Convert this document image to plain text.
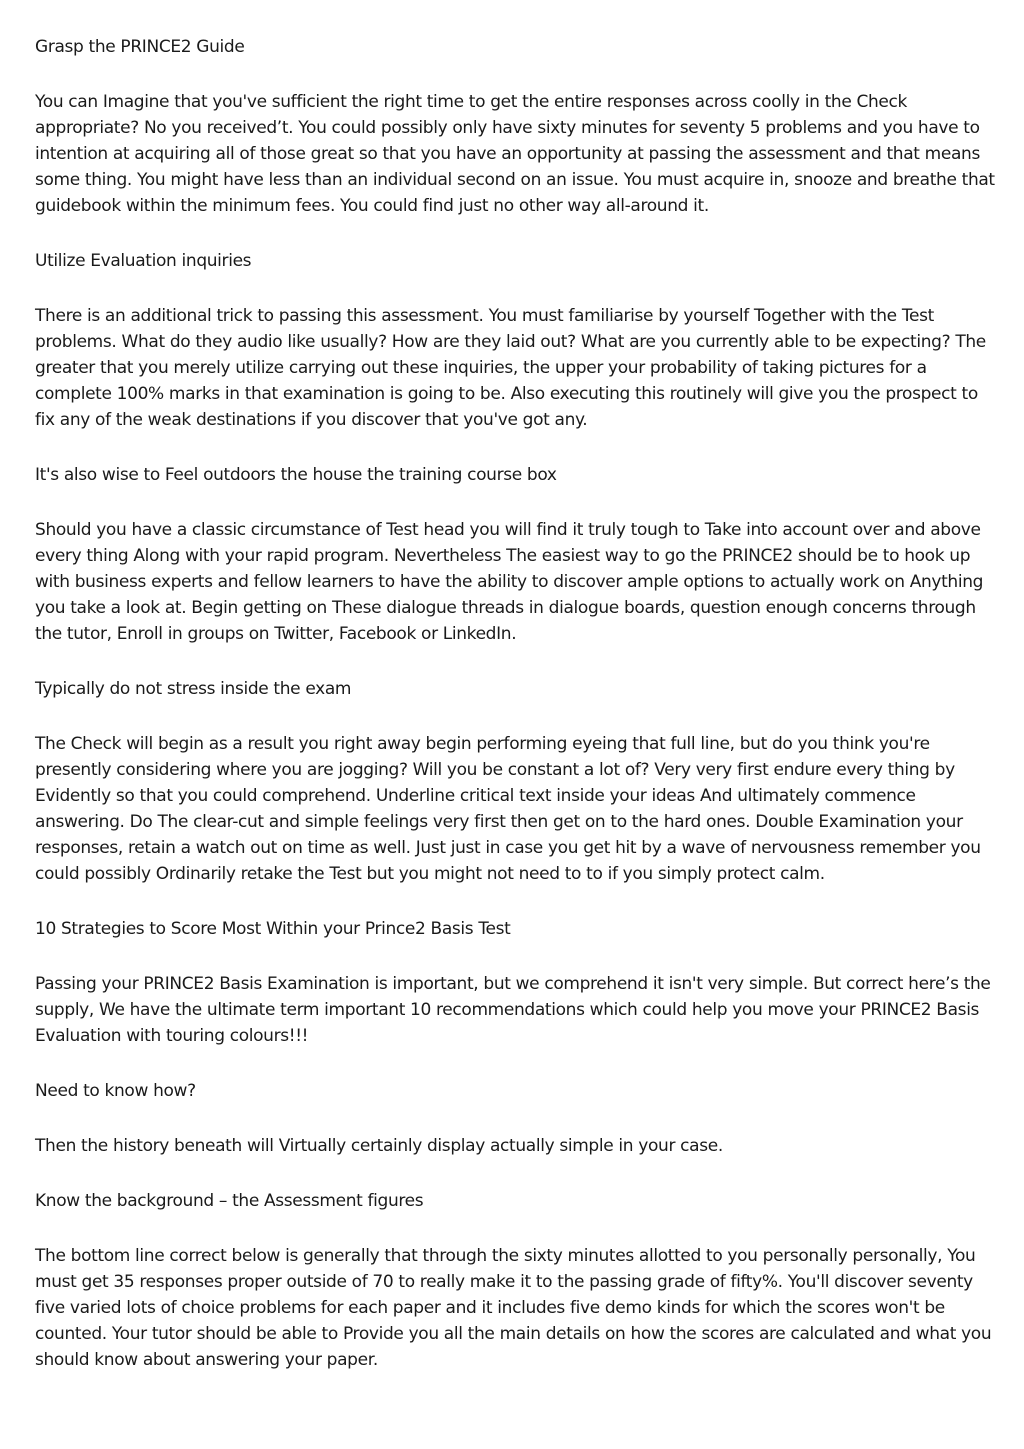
Grasp the PRINCE2 Guide

You can Imagine that you've sufficient the right time to get the entire responses across coolly in the Check appropriate? No you received’t. You could possibly only have sixty minutes for seventy 5 problems and you have to intention at acquiring all of those great so that you have an opportunity at passing the assessment and that means some thing. You might have less than an individual second on an issue. You must acquire in, snooze and breathe that guidebook within the minimum fees. You could find just no other way all-around it.

Utilize Evaluation inquiries

There is an additional trick to passing this assessment. You must familiarise by yourself Together with the Test problems. What do they audio like usually? How are they laid out? What are you currently able to be expecting? The greater that you merely utilize carrying out these inquiries, the upper your probability of taking pictures for a complete 100% marks in that examination is going to be. Also executing this routinely will give you the prospect to fix any of the weak destinations if you discover that you've got any.

It's also wise to Feel outdoors the house the training course box

Should you have a classic circumstance of Test head you will find it truly tough to Take into account over and above every thing Along with your rapid program. Nevertheless The easiest way to go the PRINCE2 should be to hook up with business experts and fellow learners to have the ability to discover ample options to actually work on Anything you take a look at. Begin getting on These dialogue threads in dialogue boards, question enough concerns through the tutor, Enroll in groups on Twitter, Facebook or LinkedIn.

Typically do not stress inside the exam

The Check will begin as a result you right away begin performing eyeing that full line, but do you think you're presently considering where you are jogging? Will you be constant a lot of? Very very first endure every thing by Evidently so that you could comprehend. Underline critical text inside your ideas And ultimately commence answering. Do The clear-cut and simple feelings very first then get on to the hard ones. Double Examination your responses, retain a watch out on time as well. Just just in case you get hit by a wave of nervousness remember you could possibly Ordinarily retake the Test but you might not need to to if you simply protect calm.

10 Strategies to Score Most Within your Prince2 Basis Test

Passing your PRINCE2 Basis Examination is important, but we comprehend it isn't very simple. But correct here’s the supply, We have the ultimate term important 10 recommendations which could help you move your PRINCE2 Basis Evaluation with touring colours!!!

Need to know how?

Then the history beneath will Virtually certainly display actually simple in your case.

Know the background – the Assessment figures

The bottom line correct below is generally that through the sixty minutes allotted to you personally personally, You must get 35 responses proper outside of 70 to really make it to the passing grade of fifty%. You'll discover seventy five varied lots of choice problems for each paper and it includes five demo kinds for which the scores won't be counted. Your tutor should be able to Provide you all the main details on how the scores are calculated and what you should know about answering your paper.
